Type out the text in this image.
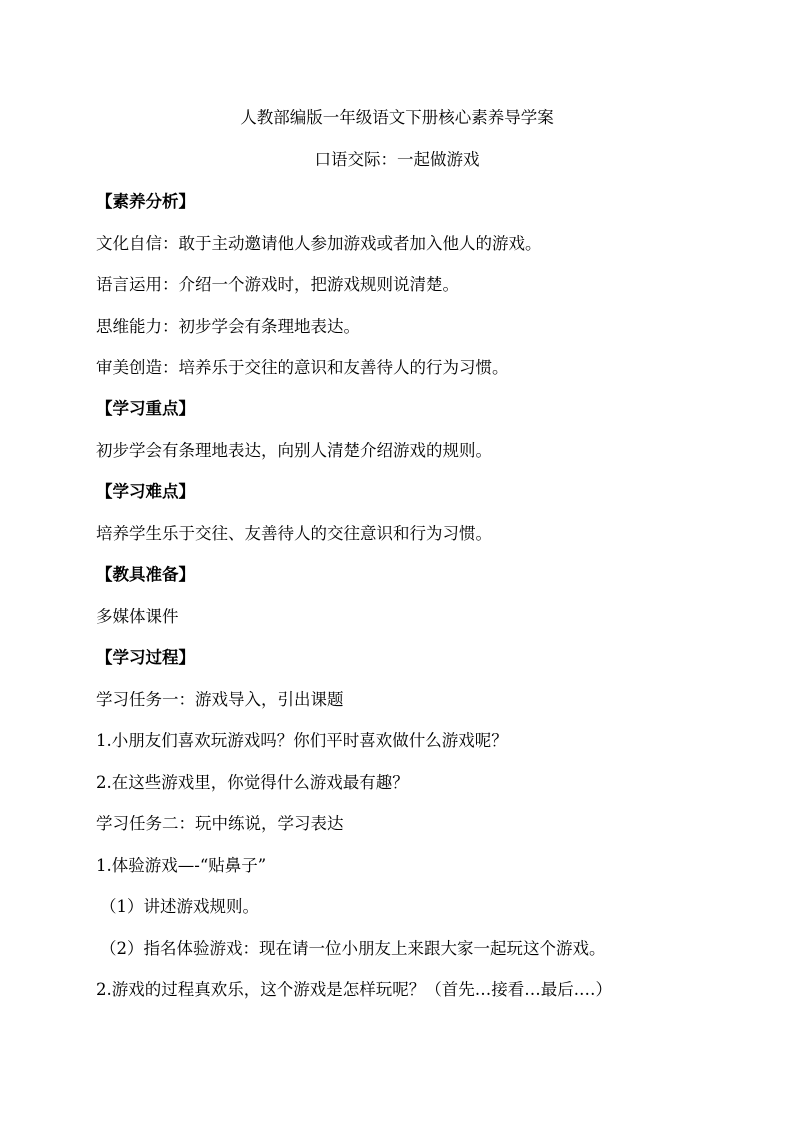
人教部编版一年级语文下册核心素养导学案

口语交际：一起做游戏

【素养分析】

文化自信：敢于主动邀请他人参加游戏或者加入他人的游戏。

语言运用：介绍一个游戏时，把游戏规则说清楚。

思维能力：初步学会有条理地表达。

审美创造：培养乐于交往的意识和友善待人的行为习惯。

【学习重点】

初步学会有条理地表达，向别人清楚介绍游戏的规则。

【学习难点】

培养学生乐于交往、友善待人的交往意识和行为习惯。

【教具准备】

多媒体课件

【学习过程】

学习任务一：游戏导入，引出课题

1.小朋友们喜欢玩游戏吗？你们平时喜欢做什么游戏呢？

2.在这些游戏里，你觉得什么游戏最有趣？

学习任务二：玩中练说，学习表达

1.体验游戏—-“贴鼻子”

（1）讲述游戏规则。

（2）指名体验游戏：现在请一位小朋友上来跟大家一起玩这个游戏。

2.游戏的过程真欢乐，这个游戏是怎样玩呢？（首先…接看…最后.…）
